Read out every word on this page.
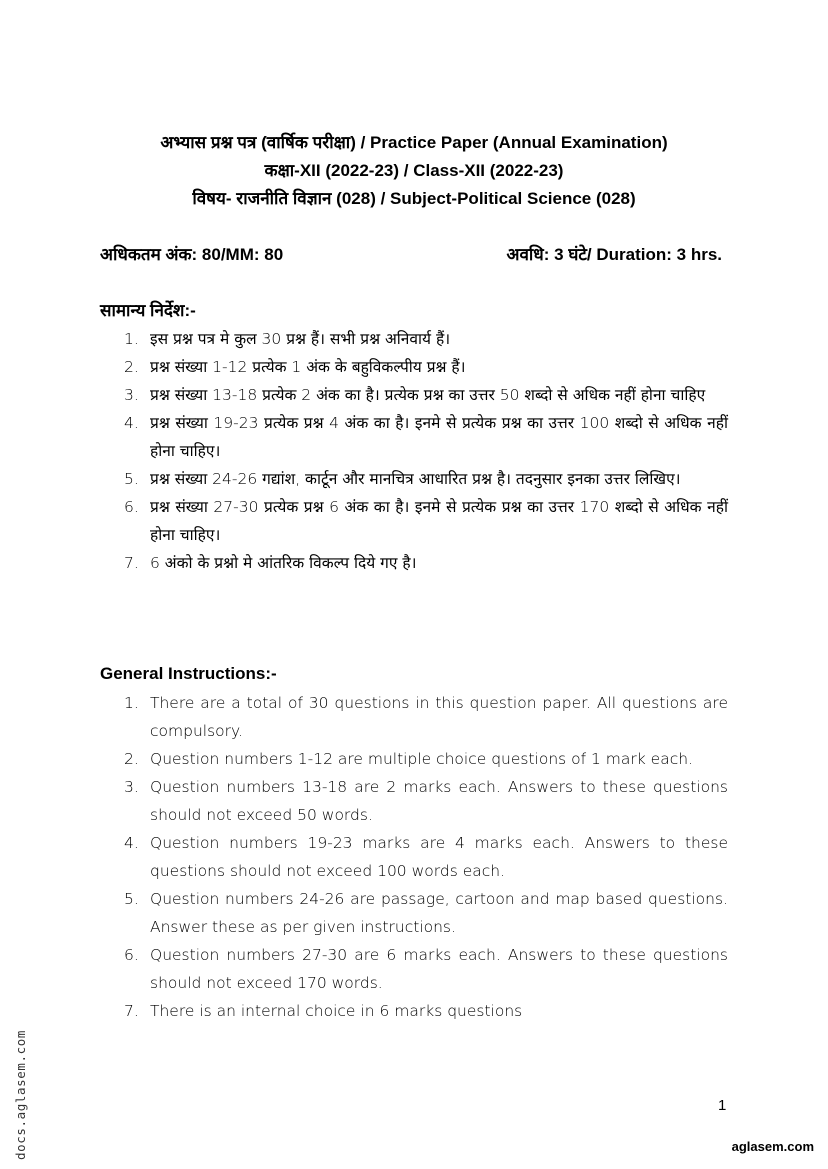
अभ्यास प्रश्न पत्र (वार्षिक परीक्षा) / Practice Paper (Annual Examination)
कक्षा-XII (2022-23) / Class-XII (2022-23)
विषय- राजनीति विज्ञान (028) / Subject-Political Science (028)
अधिकतम अंक: 80/MM: 80	अवधि: 3 घंटे/ Duration: 3 hrs.
सामान्य निर्देश:-
1. इस प्रश्न पत्र मे कुल 30 प्रश्न हैं। सभी प्रश्न अनिवार्य हैं।
2. प्रश्न संख्या 1-12 प्रत्येक 1 अंक के बहुविकल्पीय प्रश्न हैं।
3. प्रश्न संख्या 13-18 प्रत्येक 2 अंक का है। प्रत्येक प्रश्न का उत्तर 50 शब्दो से अधिक नहीं होना चाहिए
4. प्रश्न संख्या 19-23 प्रत्येक प्रश्न 4 अंक का है। इनमे से प्रत्येक प्रश्न का उत्तर 100 शब्दो से अधिक नहीं होना चाहिए।
5. प्रश्न संख्या 24-26 गद्यांश, कार्टून और मानचित्र आधारित प्रश्न है। तदनुसार इनका उत्तर लिखिए।
6. प्रश्न संख्या 27-30 प्रत्येक प्रश्न 6 अंक का है। इनमे से प्रत्येक प्रश्न का उत्तर 170 शब्दो से अधिक नहीं होना चाहिए।
7. 6 अंको के प्रश्नो मे आंतरिक विकल्प दिये गए है।
General Instructions:-
1. There are a total of 30 questions in this question paper. All questions are compulsory.
2. Question numbers 1-12 are multiple choice questions of 1 mark each.
3. Question numbers 13-18 are 2 marks each. Answers to these questions should not exceed 50 words.
4. Question numbers 19-23 marks are 4 marks each. Answers to these questions should not exceed 100 words each.
5. Question numbers 24-26 are passage, cartoon and map based questions. Answer these as per given instructions.
6. Question numbers 27-30 are 6 marks each. Answers to these questions should not exceed 170 words.
7. There is an internal choice in 6 marks questions
1
aglasem.com
docs.aglasem.com
